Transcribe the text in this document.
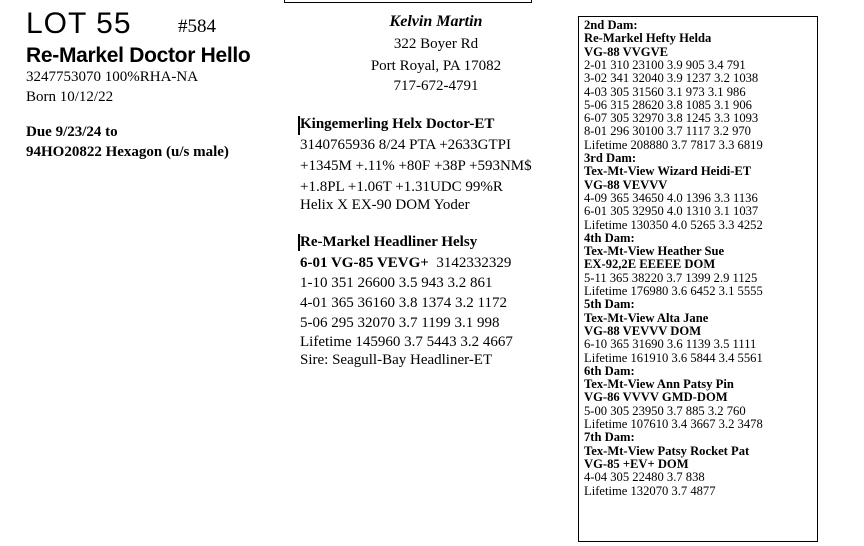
LOT 55 #584
Re-Markel Doctor Hello
3247753070 100%RHA-NA
Born 10/12/22
Due 9/23/24 to
94HO20822 Hexagon (u/s male)
Kelvin Martin
322 Boyer Rd
Port Royal, PA 17082
717-672-4791
Kingemerling Helx Doctor-ET
3140765936 8/24 PTA +2633GTPI
+1345M +.11% +80F +38P +593NM$
+1.8PL +1.06T +1.31UDC 99%R
Helix X EX-90 DOM Yoder
Re-Markel Headliner Helsy
6-01 VG-85 VEVG+ 3142332329
1-10 351 26600 3.5 943 3.2 861
4-01 365 36160 3.8 1374 3.2 1172
5-06 295 32070 3.7 1199 3.1 998
Lifetime 145960 3.7 5443 3.2 4667
Sire: Seagull-Bay Headliner-ET
2nd Dam:
Re-Markel Hefty Helda
VG-88 VVGVE
2-01 310 23100 3.9 905 3.4 791
3-02 341 32040 3.9 1237 3.2 1038
4-03 305 31560 3.1 973 3.1 986
5-06 315 28620 3.8 1085 3.1 906
6-07 305 32970 3.8 1245 3.3 1093
8-01 296 30100 3.7 1117 3.2 970
Lifetime 208880 3.7 7817 3.3 6819
3rd Dam:
Tex-Mt-View Wizard Heidi-ET
VG-88 VEVVV
4-09 365 34650 4.0 1396 3.3 1136
6-01 305 32950 4.0 1310 3.1 1037
Lifetime 130350 4.0 5265 3.3 4252
4th Dam:
Tex-Mt-View Heather Sue
EX-92,2E EEEEE DOM
5-11 365 38220 3.7 1399 2.9 1125
Lifetime 176980 3.6 6452 3.1 5555
5th Dam:
Tex-Mt-View Alta Jane
VG-88 VEVVV DOM
6-10 365 31690 3.6 1139 3.5 1111
Lifetime 161910 3.6 5844 3.4 5561
6th Dam:
Tex-Mt-View Ann Patsy Pin
VG-86 VVVV GMD-DOM
5-00 305 23950 3.7 885 3.2 760
Lifetime 107610 3.4 3667 3.2 3478
7th Dam:
Tex-Mt-View Patsy Rocket Pat
VG-85 +EV+ DOM
4-04 305 22480 3.7 838
Lifetime 132070 3.7 4877
